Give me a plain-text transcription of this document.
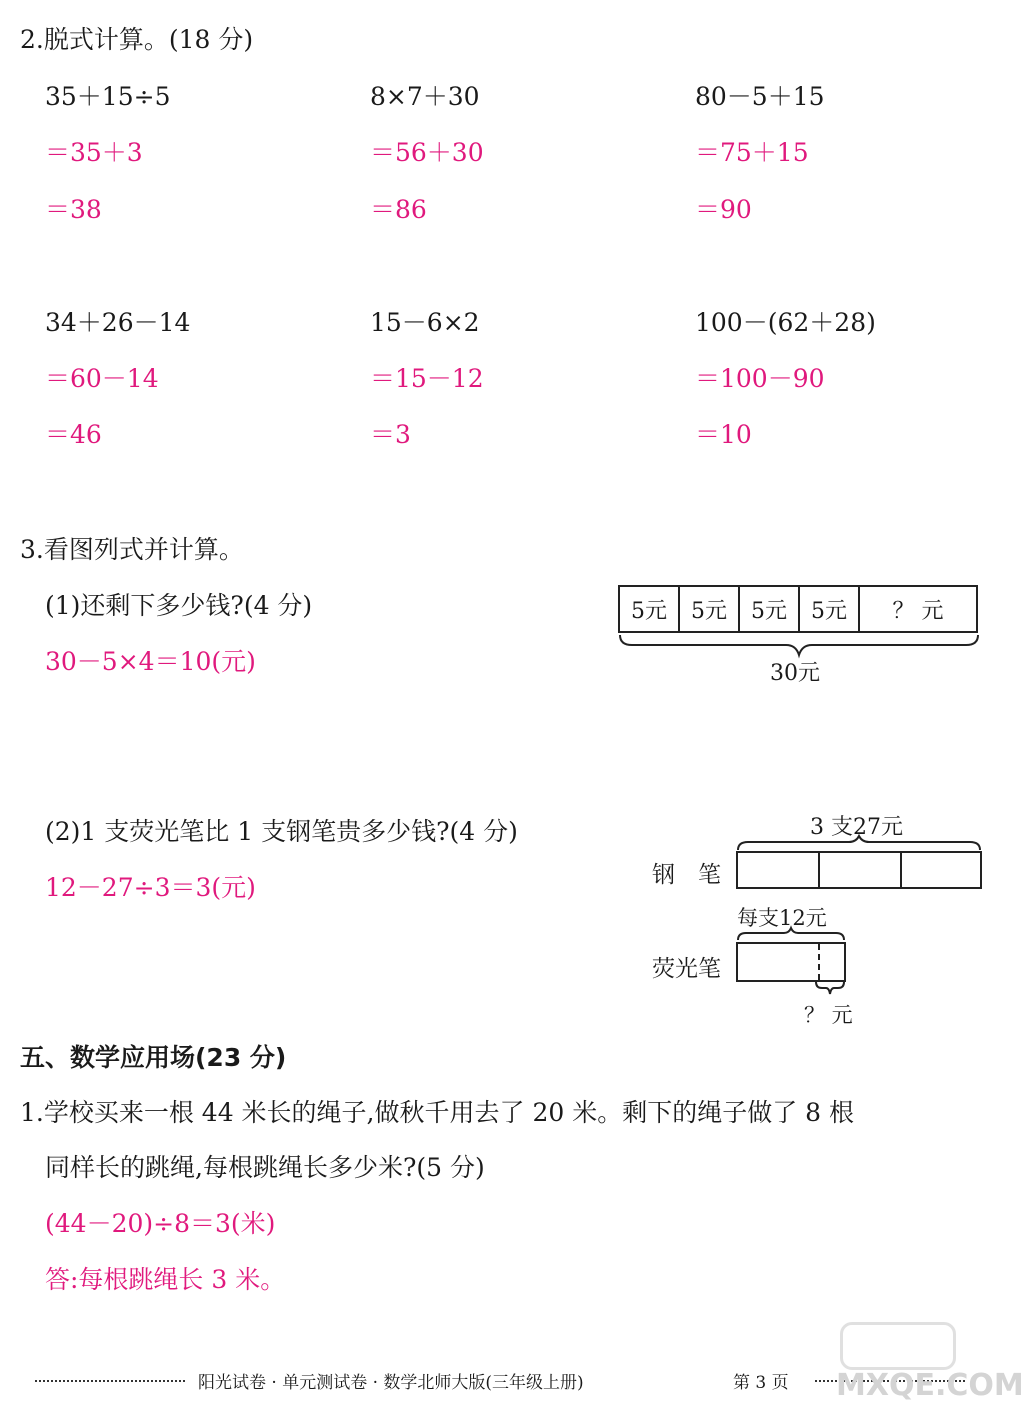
2.脱式计算。(18 分)
35＋15÷5
＝35＋3
＝38
8×7＋30
＝56＋30
＝86
80－5＋15
＝75＋15
＝90
34＋26－14
＝60－14
＝46
15－6×2
＝15－12
＝3
100－(62＋28)
＝100－90
＝10
3.看图列式并计算。
(1)还剩下多少钱?(4 分)
30－5×4＝10(元)
5元	5元	5元	5元	？ 元
30元
(2)1 支荧光笔比 1 支钢笔贵多少钱?(4 分)
12－27÷3＝3(元)
3 支27元
钢　笔
每支12元
荧光笔
？ 元
五、数学应用场(23 分)
1.学校买来一根 44 米长的绳子,做秋千用去了 20 米。剩下的绳子做了 8 根
同样长的跳绳,每根跳绳长多少米?(5 分)
(44－20)÷8＝3(米)
答:每根跳绳长 3 米。
阳光试卷 · 单元测试卷 · 数学北师大版(三年级上册)	第 3 页 MXQE.COM
